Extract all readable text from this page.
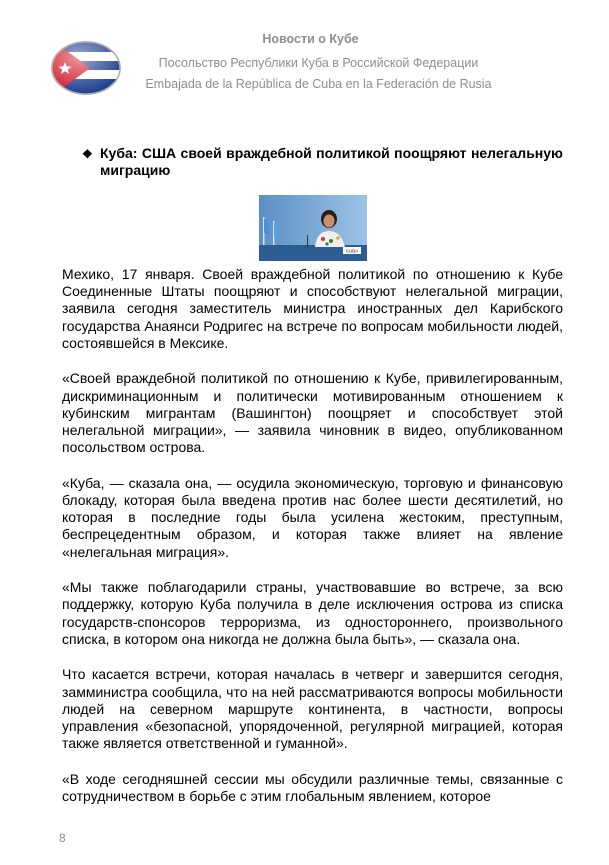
Новости о Кубе
Посольство Республики Куба в Российской Федерации
Embajada de la República de Cuba en la Federación de Rusia
❖ Куба: США своей враждебной политикой поощряют нелегальную миграцию
CUBA

Мехико, 17 января. Своей враждебной политикой по отношению к Кубе Соединенные Штаты поощряют и способствуют нелегальной миграции, заявила сегодня заместитель министра иностранных дел Карибского государства Анаянси Родригес на встрече по вопросам мобильности людей, состоявшейся в Мексике.

«Своей враждебной политикой по отношению к Кубе, привилегированным, дискриминационным и политически мотивированным отношением к кубинским мигрантам (Вашингтон) поощряет и способствует этой нелегальной миграции», — заявила чиновник в видео, опубликованном посольством острова.

«Куба, — сказала она, — осудила экономическую, торговую и финансовую блокаду, которая была введена против нас более шести десятилетий, но которая в последние годы была усилена жестоким, преступным, беспрецедентным образом, и которая также влияет на явление «нелегальная миграция».

«Мы также поблагодарили страны, участвовавшие во встрече, за всю поддержку, которую Куба получила в деле исключения острова из списка государств-спонсоров терроризма, из одностороннего, произвольного списка, в котором она никогда не должна была быть», — сказала она.

Что касается встречи, которая началась в четверг и завершится сегодня, замминистра сообщила, что на ней рассматриваются вопросы мобильности людей на северном маршруте континента, в частности, вопросы управления «безопасной, упорядоченной, регулярной миграцией, которая также является ответственной и гуманной».

«В ходе сегодняшней сессии мы обсудили различные темы, связанные с сотрудничеством в борьбе с этим глобальным явлением, которое

8
